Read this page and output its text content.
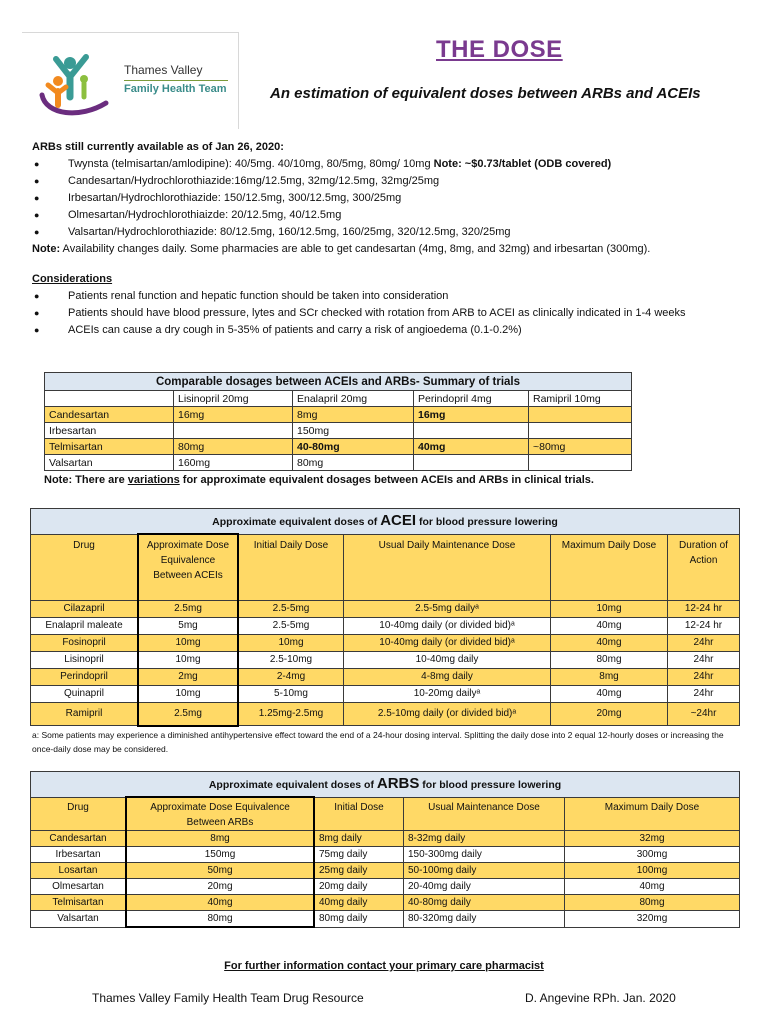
Thames Valley
Family Health Team
THE DOSE
An estimation of equivalent doses between ARBs and ACEIs

ARBs still currently available as of Jan 26, 2020:

● Twynsta (telmisartan/amlodipine): 40/5mg. 40/10mg, 80/5mg, 80mg/ 10mg Note: ~$0.73/tablet (ODB covered)
● Candesartan/Hydrochlorothiazide:16mg/12.5mg, 32mg/12.5mg, 32mg/25mg
● Irbesartan/Hydrochlorothiazide: 150/12.5mg, 300/12.5mg, 300/25mg
● Olmesartan/Hydrochlorothiaizde: 20/12.5mg, 40/12.5mg
● Valsartan/Hydrochlorothiazide: 80/12.5mg, 160/12.5mg, 160/25mg, 320/12.5mg, 320/25mg

Note: Availability changes daily. Some pharmacies are able to get candesartan (4mg, 8mg, and 32mg) and irbesartan (300mg).

Considerations

● Patients renal function and hepatic function should be taken into consideration
● Patients should have blood pressure, lytes and SCr checked with rotation from ARB to ACEI as clinically indicated in 1-4 weeks
● ACEIs can cause a dry cough in 5-35% of patients and carry a risk of angioedema (0.1-0.2%)
Comparable dosages between ACEIs and ARBs- Summary of trials				
	Lisinopril 20mg	Enalapril 20mg	Perindopril 4mg	Ramipril 10mg
Candesartan	16mg	8mg	16mg	
Irbesartan		150mg		
Telmisartan	80mg	40-80mg	40mg	~80mg
Valsartan	160mg	80mg		
Note: There are variations for approximate equivalent dosages between ACEIs and ARBs in clinical trials.
Approximate equivalent doses of ACEI for blood pressure lowering					
Drug	Approximate Dose Equivalence Between ACEIs	Initial Daily Dose	Usual Daily Maintenance Dose	Maximum Daily Dose	Duration of Action
Cilazapril	2.5mg	2.5-5mg	2.5-5mg dailyᵃ	10mg	12-24 hr
Enalapril maleate	5mg	2.5-5mg	10-40mg daily (or divided bid)ᵃ	40mg	12-24 hr
Fosinopril	10mg	10mg	10-40mg daily (or divided bid)ᵃ	40mg	24hr
Lisinopril	10mg	2.5-10mg	10-40mg daily	80mg	24hr
Perindopril	2mg	2-4mg	4-8mg daily	8mg	24hr
Quinapril	10mg	5-10mg	10-20mg dailyᵃ	40mg	24hr
Ramipril	2.5mg	1.25mg-2.5mg	2.5-10mg daily (or divided bid)ᵃ	20mg	~24hr
a: Some patients may experience a diminished antihypertensive effect toward the end of a 24-hour dosing interval. Splitting the daily dose into 2 equal 12-hourly doses or increasing the once-daily dose may be considered.
Approximate equivalent doses of ARBS for blood pressure lowering				
Drug	Approximate Dose Equivalence Between ARBs	Initial Dose	Usual Maintenance Dose	Maximum Daily Dose
Candesartan	8mg	8mg daily	8-32mg daily	32mg
Irbesartan	150mg	75mg daily	150-300mg daily	300mg
Losartan	50mg	25mg daily	50-100mg daily	100mg
Olmesartan	20mg	20mg daily	20-40mg daily	40mg
Telmisartan	40mg	40mg daily	40-80mg daily	80mg
Valsartan	80mg	80mg daily	80-320mg daily	320mg
For further information contact your primary care pharmacist
Thames Valley Family Health Team Drug Resource	D. Angevine RPh. Jan. 2020
